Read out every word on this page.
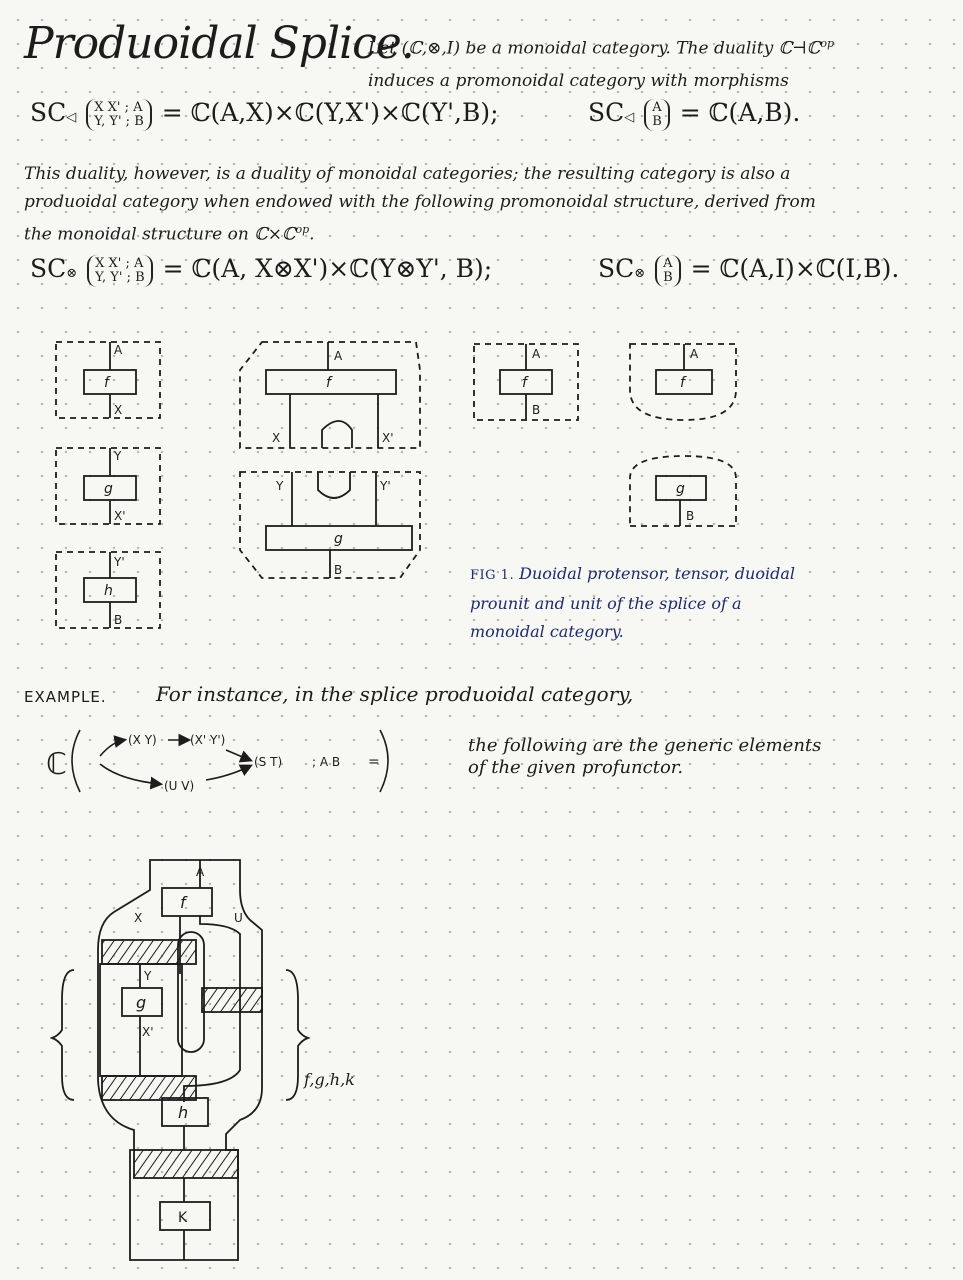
Produoidal Splice.
Let (ℂ,⊗,I) be a monoidal category. The duality ℂ⊣ℂ$^{op}$
induces a promonoidal category with morphisms
SC◁ X X' ; A
Y, Y' ; B = ℂ(A,X)×ℂ(Y,X')×ℂ(Y',B);	SC◁ A
B = ℂ(A,B).
This duality, however, is a duality of monoidal categories; the resulting category is also a
produoidal category when endowed with the following promonoidal structure, derived from
the monoidal structure on ℂ×ℂ$^{op}$.
SC⊗ X X' ; A
Y, Y' ; B = ℂ(A, X⊗X')×ℂ(Y⊗Y', B);	SC⊗ A
B = ℂ(A,I)×ℂ(I,B).
A
f
X
Y
g
X'
Y'
h
B
A
f
X	X'
Y	Y'
g
B
A
f
B
A
f
g
B
FIG 1. Duoidal protensor, tensor, duoidal
prounit and unit of the splice of a
monoidal category.
EXAMPLE. For instance, in the splice produoidal category,
ℂ
(X Y)	(X' Y')
(U V)
(S T) ; A B =
the following are the generic elements
of the given profunctor.
A
f
X	U
Y
g
X'
h
K
f,g,h,k
